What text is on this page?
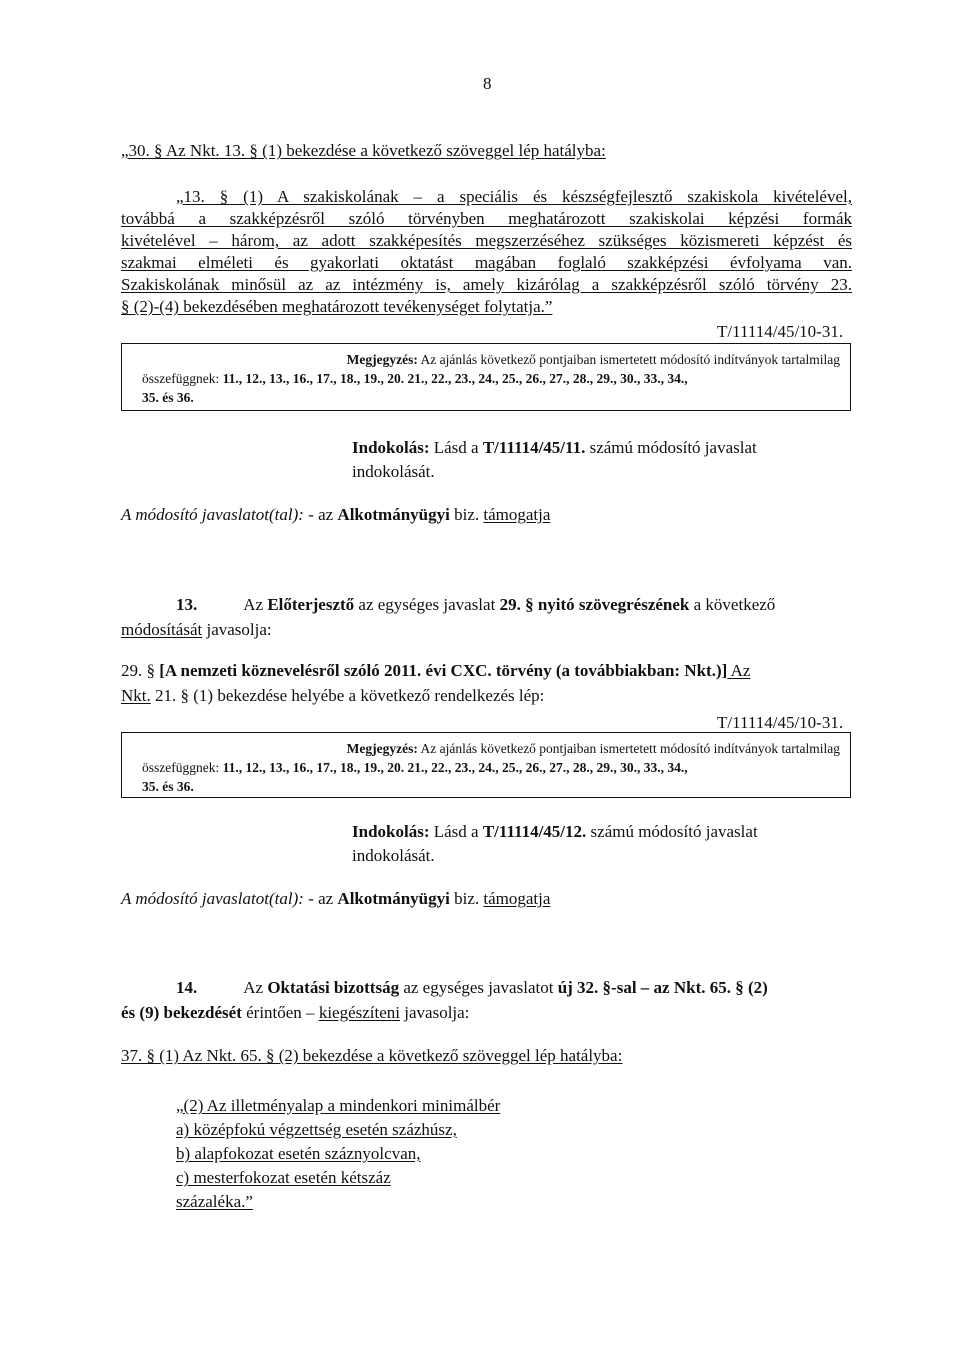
8
„30. § Az Nkt. 13. § (1) bekezdése a következő szöveggel lép hatályba:
„13. § (1) A szakiskolának – a speciális és készségfejlesztő szakiskola kivételével,
továbbá a szakképzésről szóló törvényben meghatározott szakiskolai képzési formák
kivételével – három, az adott szakképesítés megszerzéséhez szükséges közismereti képzést és
szakmai elméleti és gyakorlati oktatást magában foglaló szakképzési évfolyama van.
Szakiskolának minősül az az intézmény is, amely kizárólag a szakképzésről szóló törvény 23.
§ (2)-(4) bekezdésében meghatározott tevékenységet folytatja.”
T/11114/45/10-31.
Megjegyzés: Az ajánlás következő pontjaiban ismertetett módosító indítványok tartalmilag
összefüggnek: 11., 12., 13., 16., 17., 18., 19., 20. 21., 22., 23., 24., 25., 26., 27., 28., 29., 30., 33., 34.,
35. és 36.
Indokolás: Lásd a T/11114/45/11. számú módosító javaslat
indokolását.
A módosító javaslatot(tal): - az Alkotmányügyi biz. támogatja
13.	Az Előterjesztő az egységes javaslat 29. § nyitó szövegrészének a következő
módosítását javasolja:
29. § [A nemzeti köznevelésről szóló 2011. évi CXC. törvény (a továbbiakban: Nkt.)] Az
Nkt. 21. § (1) bekezdése helyébe a következő rendelkezés lép:
T/11114/45/10-31.
Megjegyzés: Az ajánlás következő pontjaiban ismertetett módosító indítványok tartalmilag
összefüggnek: 11., 12., 13., 16., 17., 18., 19., 20. 21., 22., 23., 24., 25., 26., 27., 28., 29., 30., 33., 34.,
35. és 36.
Indokolás: Lásd a T/11114/45/12. számú módosító javaslat
indokolását.
A módosító javaslatot(tal): - az Alkotmányügyi biz. támogatja
14.	Az Oktatási bizottság az egységes javaslatot új 32. §-sal – az Nkt. 65. § (2)
és (9) bekezdését érintően – kiegészíteni javasolja:
37. § (1) Az Nkt. 65. § (2) bekezdése a következő szöveggel lép hatályba:
„(2) Az illetményalap a mindenkori minimálbér
a) középfokú végzettség esetén százhúsz,
b) alapfokozat esetén száznyolcvan,
c) mesterfokozat esetén kétszáz
százaléka.”
